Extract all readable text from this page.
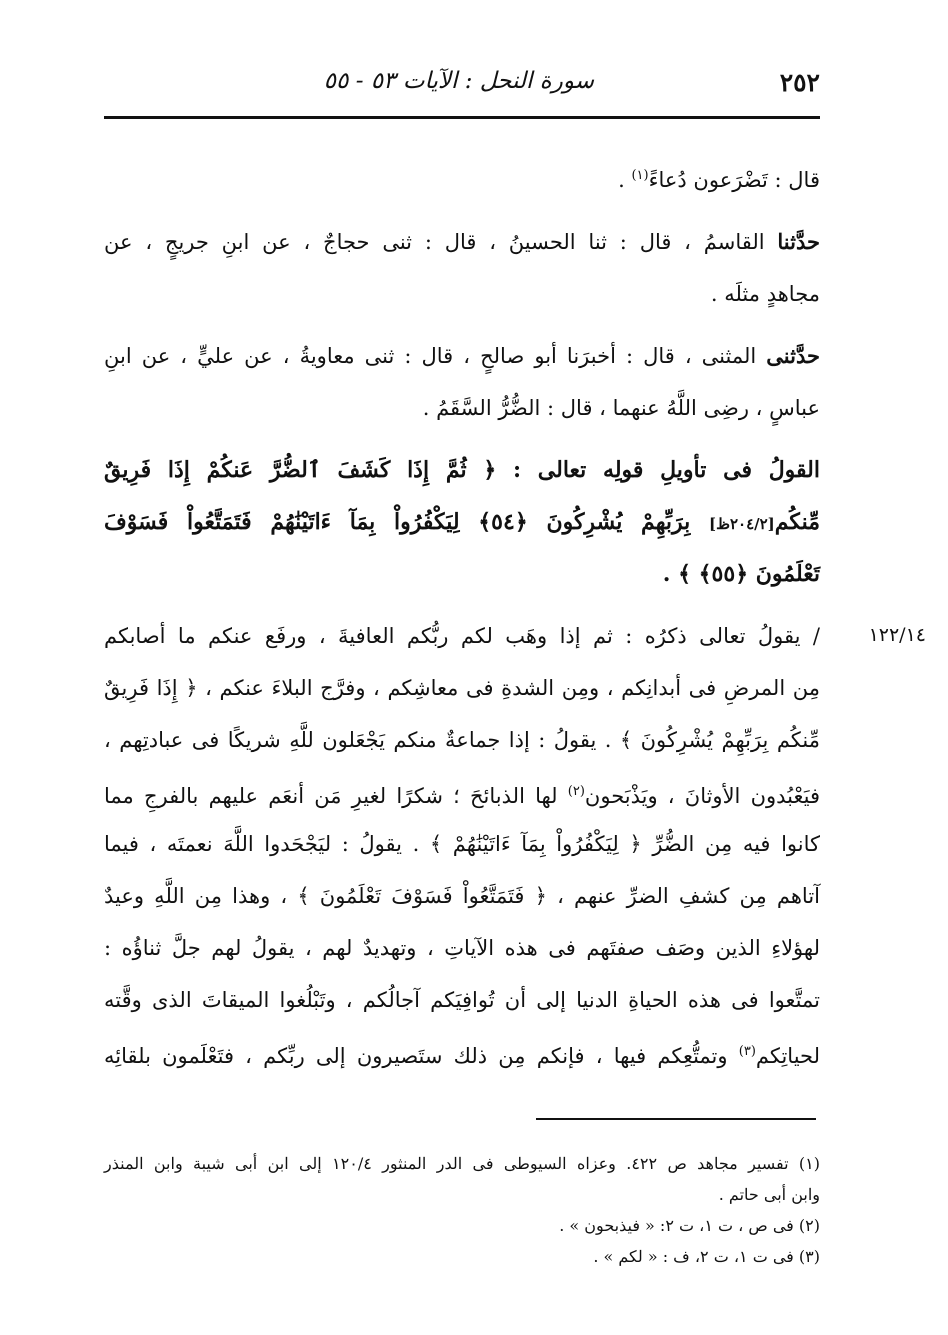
٢٥٢
سورة النحل : الآيات ٥٣ - ٥٥
قال : تَضْرَعون دُعاءً$^{(١)}$ .
حدَّثنا القاسمُ ، قال : ثنا الحسينُ ، قال : ثنى حجاجٌ ، عن ابنِ جريجٍ ، عن
مجاهدٍ مثلَه .
حدَّثنى المثنى ، قال : أخبرَنا أبو صالحٍ ، قال : ثنى معاويةُ ، عن عليٍّ ، عن ابنِ
عباسٍ ، رضِى اللَّهُ عنهما ، قال : الضُّرُّ السَّقَمُ .
القولُ فى تأويلِ قولِه تعالى : ﴿ ثُمَّ إِذَا كَشَفَ ٱلضُّرَّ عَنكُمْ إِذَا فَرِيقٌ
مِّنكُم[٢٠٤/٢ظ] بِرَبِّهِمْ يُشْرِكُونَ ﴿٥٤﴾ لِيَكْفُرُواْ بِمَآ ءَاتَيْنَٰهُمْ فَتَمَتَّعُواْ فَسَوْفَ
تَعْلَمُونَ ﴿٥٥﴾ ﴾ .
١٢٢/١٤
/ يقولُ تعالى ذكرُه : ثم إذا وهَب لكم ربُّكم العافيةَ ، ورفَع عنكم ما أصابكم
مِن المرضِ فى أبدانِكم ، ومِن الشدةِ فى معاشِكم ، وفرَّج البلاءَ عنكم ، ﴿ إِذَا فَرِيقٌ
مِّنكُم بِرَبِّهِمْ يُشْرِكُونَ ﴾ . يقولُ : إذا جماعةٌ منكم يَجْعَلون للَّهِ شريكًا فى عبادتِهم ،
فيَعْبُدون الأوثانَ ، ويَذْبَحون$^{(٢)}$ لها الذبائحَ ؛ شكرًا لغيرِ مَن أنعَم عليهم بالفرجِ مما
كانوا فيه مِن الضُّرِّ ﴿ لِيَكْفُرُواْ بِمَآ ءَاتَيْنَٰهُمْ ﴾ . يقولُ : ليَجْحَدوا اللَّهَ نعمتَه ، فيما
آتاهم مِن كشفِ الضرِّ عنهم ، ﴿ فَتَمَتَّعُواْ فَسَوْفَ تَعْلَمُونَ ﴾ ، وهذا مِن اللَّهِ وعيدٌ
لهؤلاءِ الذين وصَف صفتَهم فى هذه الآياتِ ، وتهديدٌ لهم ، يقولُ لهم جلَّ ثناؤُه :
تمتَّعوا فى هذه الحياةِ الدنيا إلى أن تُوافِيَكم آجالُكم ، وتَبْلُغوا الميقاتَ الذى وقَّته
لحياتِكم$^{(٣)}$ وتمتُّعِكم فيها ، فإنكم مِن ذلك ستَصيرون إلى ربِّكم ، فتَعْلَمون بلقائِه
(١) تفسير مجاهد ص ٤٢٢. وعزاه السيوطى فى الدر المنثور ١٢٠/٤ إلى ابن أبى شيبة وابن المنذر
وابن أبى حاتم .
(٢) فى ص ، ت ١، ت ٢: « فيذبحون » .
(٣) فى ت ١، ت ٢، ف : « لكم » .
